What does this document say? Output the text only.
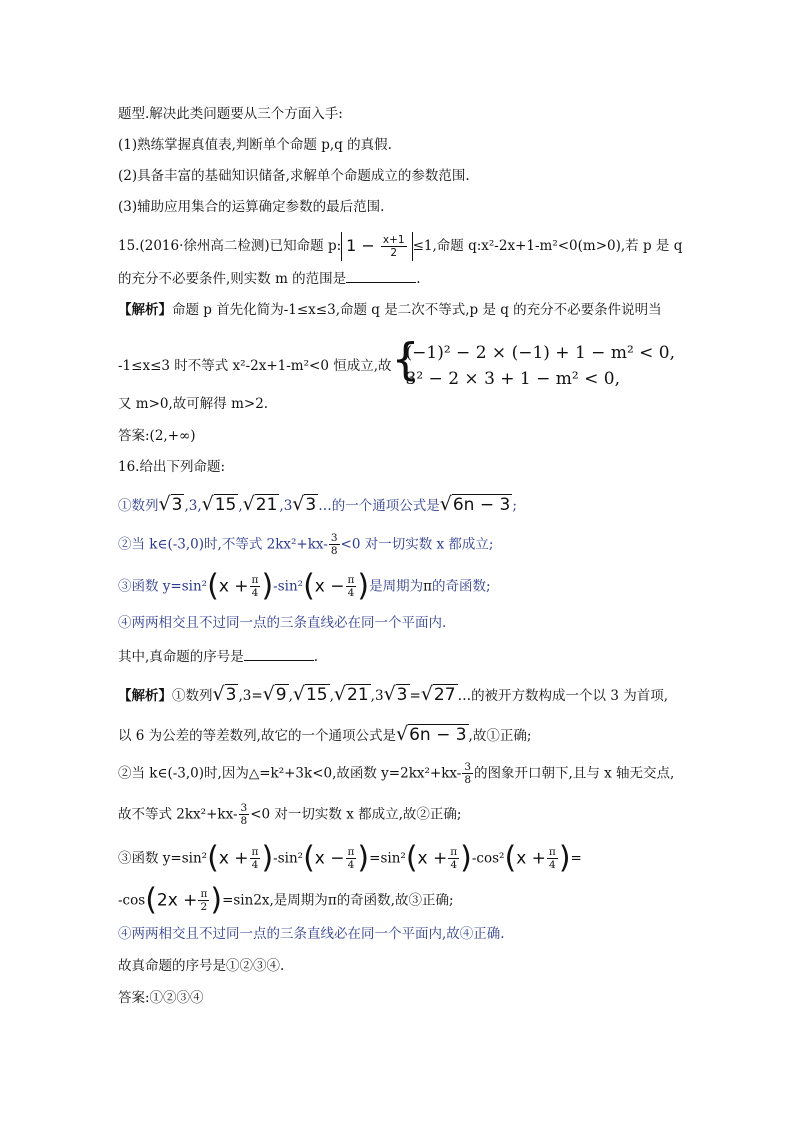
题型.解决此类问题要从三个方面入手:
(1)熟练掌握真值表,判断单个命题 p,q 的真假.
(2)具备丰富的基础知识储备,求解单个命题成立的参数范围.
(3)辅助应用集合的运算确定参数的最后范围.
15.(2016·徐州高二检测)已知命题 p: $1 - \frac{x+1}{2} \le 1$,命题 q:x²-2x+1-m²<0(m>0),若 p 是 q
的充分不必要条件,则实数 m 的范围是	.
【解析】命题 p 首先化简为-1≤x≤3,命题 q 是二次不等式,p 是 q 的充分不必要条件说明当
-1≤x≤3 时不等式 x²-2x+1-m²<0 恒成立,故 {
(−1)² − 2 × (−1) + 1 − m² < 0,
3² − 2 × 3 + 1 − m² < 0,
又 m>0,故可解得 m>2.
答案:(2,+∞)
16.给出下列命题:
①数列√3 ,3,√15 ,√21 ,3√3 …的一个通项公式是√6n − 3 ;
②当 k∈(-3,0)时,不等式 $2kx^2+kx- \frac{3}{8} <0$ 对一切实数 x 都成立;
③函数 $y=\sin^2(x + \frac{\pi}{4} )-\sin^2(x - \frac{\pi}{4}$ )是周期为π的奇函数;
④两两相交且不过同一点的三条直线必在同一个平面内.
其中,真命题的序号是	.
【解析】①数列√3 ,3=√9 ,√15 ,√21 ,3√3 =√27 …的被开方数构成一个以 3 为首项,
以 6 为公差的等差数列,故它的一个通项公式是√6n − 3 ,故①正确;
②当 k∈(-3,0)时,因为△=k²+3k<0,故函数 $y=2kx^2+kx- \frac{3}{8}$ 的图象开口朝下,且与 x 轴无交点,
故不等式 $2kx^2+kx- \frac{3}{8} <0$ 对一切实数 x 都成立,故②正确;
③函数 $y=\sin^2(x + \frac{\pi}{4} )-\sin^2(x - \frac{\pi}{4} )=\sin^2(x + \frac{\pi}{4} )-\cos^2(x + \frac{\pi}{4}$ )=
$-\cos(2x + \frac{\pi}{2} )=\sin 2x$,是周期为π的奇函数,故③正确;
④两两相交且不过同一点的三条直线必在同一个平面内,故④正确.
故真命题的序号是①②③④.
答案:①②③④
